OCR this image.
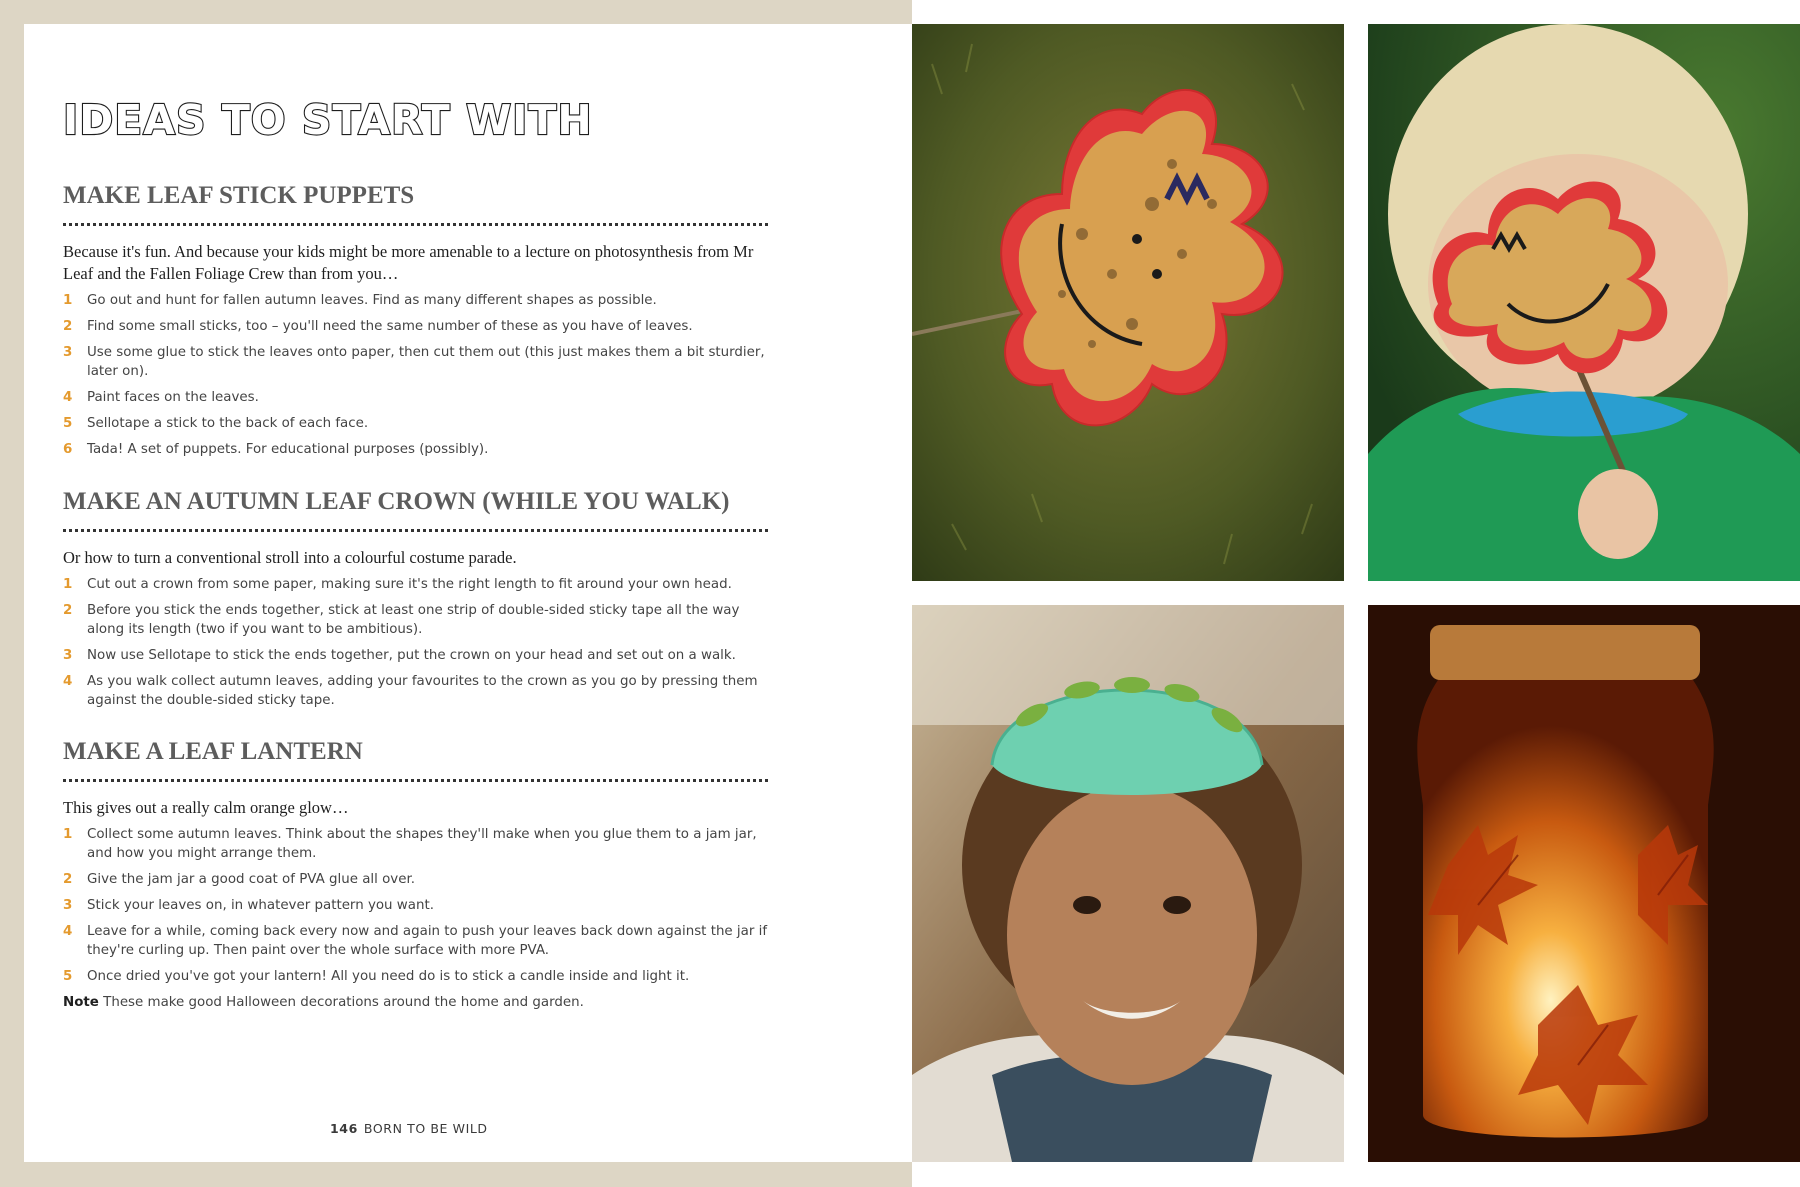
IDEAS TO START WITH
MAKE LEAF STICK PUPPETS

Because it's fun. And because your kids might be more amenable to a lecture on photosynthesis from Mr Leaf and the Fallen Foliage Crew than from you…

1 Go out and hunt for fallen autumn leaves. Find as many different shapes as possible.
2 Find some small sticks, too – you'll need the same number of these as you have of leaves.
3 Use some glue to stick the leaves onto paper, then cut them out (this just makes them a bit sturdier, later on).
4 Paint faces on the leaves.
5 Sellotape a stick to the back of each face.
6 Tada! A set of puppets. For educational purposes (possibly).
MAKE AN AUTUMN LEAF CROWN (WHILE YOU WALK)

Or how to turn a conventional stroll into a colourful costume parade.

1 Cut out a crown from some paper, making sure it's the right length to fit around your own head.
2 Before you stick the ends together, stick at least one strip of double-sided sticky tape all the way along its length (two if you want to be ambitious).
3 Now use Sellotape to stick the ends together, put the crown on your head and set out on a walk.
4 As you walk collect autumn leaves, adding your favourites to the crown as you go by pressing them against the double-sided sticky tape.
MAKE A LEAF LANTERN

This gives out a really calm orange glow…

1 Collect some autumn leaves. Think about the shapes they'll make when you glue them to a jam jar, and how you might arrange them.
2 Give the jam jar a good coat of PVA glue all over.
3 Stick your leaves on, in whatever pattern you want.
4 Leave for a while, coming back every now and again to push your leaves back down against the jar if they're curling up. Then paint over the whole surface with more PVA.
5 Once dried you've got your lantern! All you need do is to stick a candle inside and light it.

Note These make good Halloween decorations around the home and garden.

146 BORN TO BE WILD
